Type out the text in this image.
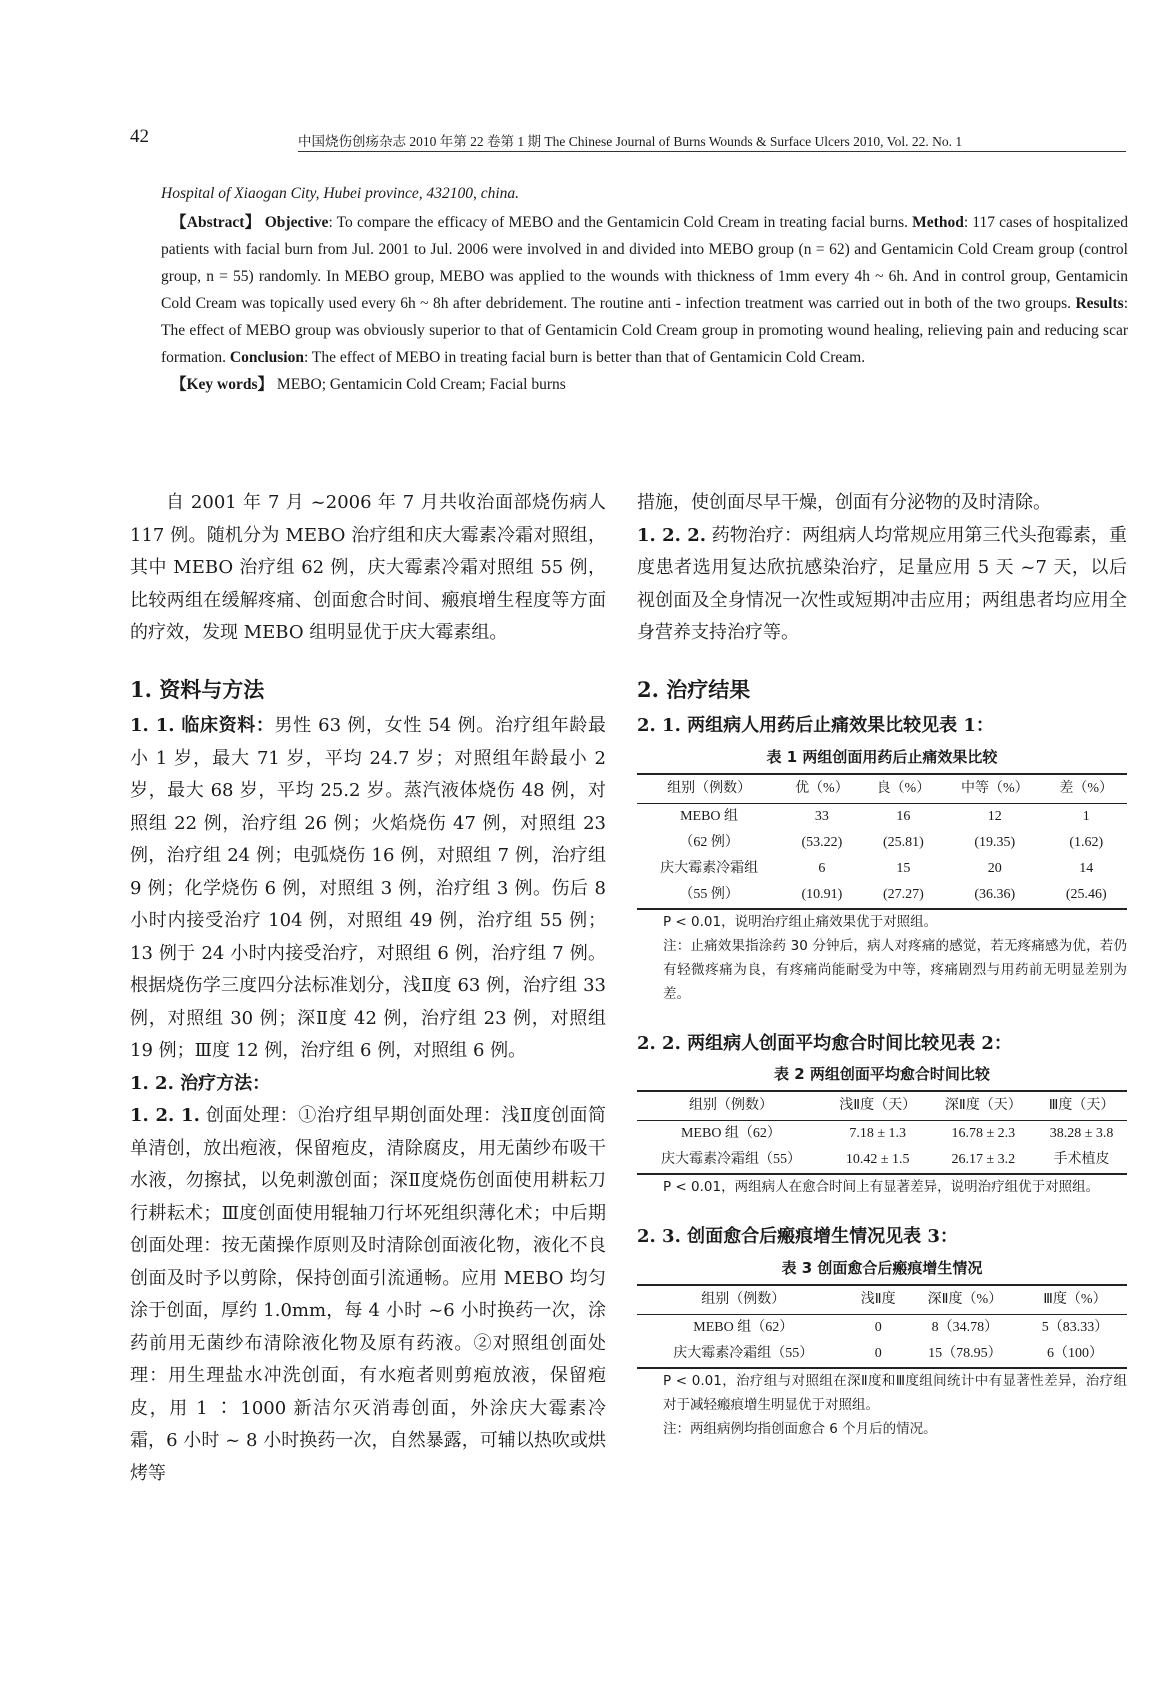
42	中国烧伤创疡杂志 2010 年第 22 卷第 1 期 The Chinese Journal of Burns Wounds & Surface Ulcers 2010, Vol. 22. No. 1

Hospital of Xiaogan City, Hubei province, 432100, china.

【Abstract】 Objective: To compare the efficacy of MEBO and the Gentamicin Cold Cream in treating facial burns. Method: 117 cases of hospitalized patients with facial burn from Jul. 2001 to Jul. 2006 were involved in and divided into MEBO group (n = 62) and Gentamicin Cold Cream group (control group, n = 55) randomly. In MEBO group, MEBO was applied to the wounds with thickness of 1mm every 4h ~ 6h. And in control group, Gentamicin Cold Cream was topically used every 6h ~ 8h after debridement. The routine anti - infection treatment was carried out in both of the two groups. Results: The effect of MEBO group was obviously superior to that of Gentamicin Cold Cream group in promoting wound healing, relieving pain and reducing scar formation. Conclusion: The effect of MEBO in treating facial burn is better than that of Gentamicin Cold Cream.

【Key words】 MEBO; Gentamicin Cold Cream; Facial burns

自 2001 年 7 月 ~2006 年 7 月共收治面部烧伤病人 117 例。随机分为 MEBO 治疗组和庆大霉素冷霜对照组，其中 MEBO 治疗组 62 例，庆大霉素冷霜对照组 55 例，比较两组在缓解疼痛、创面愈合时间、瘢痕增生程度等方面的疗效，发现 MEBO 组明显优于庆大霉素组。

1. 资料与方法

1. 1. 临床资料：男性 63 例，女性 54 例。治疗组年龄最小 1 岁，最大 71 岁，平均 24.7 岁；对照组年龄最小 2 岁，最大 68 岁，平均 25.2 岁。蒸汽液体烧伤 48 例，对照组 22 例，治疗组 26 例；火焰烧伤 47 例，对照组 23 例，治疗组 24 例；电弧烧伤 16 例，对照组 7 例，治疗组 9 例；化学烧伤 6 例，对照组 3 例，治疗组 3 例。伤后 8 小时内接受治疗 104 例，对照组 49 例，治疗组 55 例；13 例于 24 小时内接受治疗，对照组 6 例，治疗组 7 例。根据烧伤学三度四分法标准划分，浅Ⅱ度 63 例，治疗组 33 例，对照组 30 例；深Ⅱ度 42 例，治疗组 23 例，对照组 19 例；Ⅲ度 12 例，治疗组 6 例，对照组 6 例。

1. 2. 治疗方法：

1. 2. 1. 创面处理：①治疗组早期创面处理：浅Ⅱ度创面简单清创，放出疱液，保留疱皮，清除腐皮，用无菌纱布吸干水液，勿擦拭，以免刺激创面；深Ⅱ度烧伤创面使用耕耘刀行耕耘术；Ⅲ度创面使用辊轴刀行坏死组织薄化术；中后期创面处理：按无菌操作原则及时清除创面液化物，液化不良创面及时予以剪除，保持创面引流通畅。应用 MEBO 均匀涂于创面，厚约 1.0mm，每 4 小时 ~6 小时换药一次，涂药前用无菌纱布清除液化物及原有药液。②对照组创面处理：用生理盐水冲洗创面，有水疱者则剪疱放液，保留疱皮，用 1 ∶ 1000 新洁尔灭消毒创面，外涂庆大霉素冷霜，6 小时 ~ 8 小时换药一次，自然暴露，可辅以热吹或烘烤等

措施，使创面尽早干燥，创面有分泌物的及时清除。

1. 2. 2. 药物治疗：两组病人均常规应用第三代头孢霉素，重度患者选用复达欣抗感染治疗，足量应用 5 天 ~7 天，以后视创面及全身情况一次性或短期冲击应用；两组患者均应用全身营养支持治疗等。

2. 治疗结果

2. 1. 两组病人用药后止痛效果比较见表 1：

表 1 两组创面用药后止痛效果比较
组别（例数）	优（%）	良（%）	中等（%）	差（%）
MEBO 组	33	16	12	1
（62 例）	(53.22)	(25.81)	(19.35)	(1.62)
庆大霉素冷霜组	6	15	20	14
（55 例）	(10.91)	(27.27)	(36.36)	(25.46)

P < 0.01，说明治疗组止痛效果优于对照组。

注：止痛效果指涂药 30 分钟后，病人对疼痛的感觉，若无疼痛感为优，若仍有轻微疼痛为良，有疼痛尚能耐受为中等，疼痛剧烈与用药前无明显差别为差。

2. 2. 两组病人创面平均愈合时间比较见表 2：

表 2 两组创面平均愈合时间比较
组别（例数）	浅Ⅱ度（天）	深Ⅱ度（天）	Ⅲ度（天）
MEBO 组（62）	7.18 ± 1.3	16.78 ± 2.3	38.28 ± 3.8
庆大霉素冷霜组（55）	10.42 ± 1.5	26.17 ± 3.2	手术植皮

P < 0.01，两组病人在愈合时间上有显著差异，说明治疗组优于对照组。

2. 3. 创面愈合后瘢痕增生情况见表 3：

表 3 创面愈合后瘢痕增生情况
组别（例数）	浅Ⅱ度	深Ⅱ度（%）	Ⅲ度（%）
MEBO 组（62）	0	8（34.78）	5（83.33）
庆大霉素冷霜组（55）	0	15（78.95）	6（100）

P < 0.01，治疗组与对照组在深Ⅱ度和Ⅲ度组间统计中有显著性差异，治疗组对于减轻瘢痕增生明显优于对照组。

注：两组病例均指创面愈合 6 个月后的情况。
